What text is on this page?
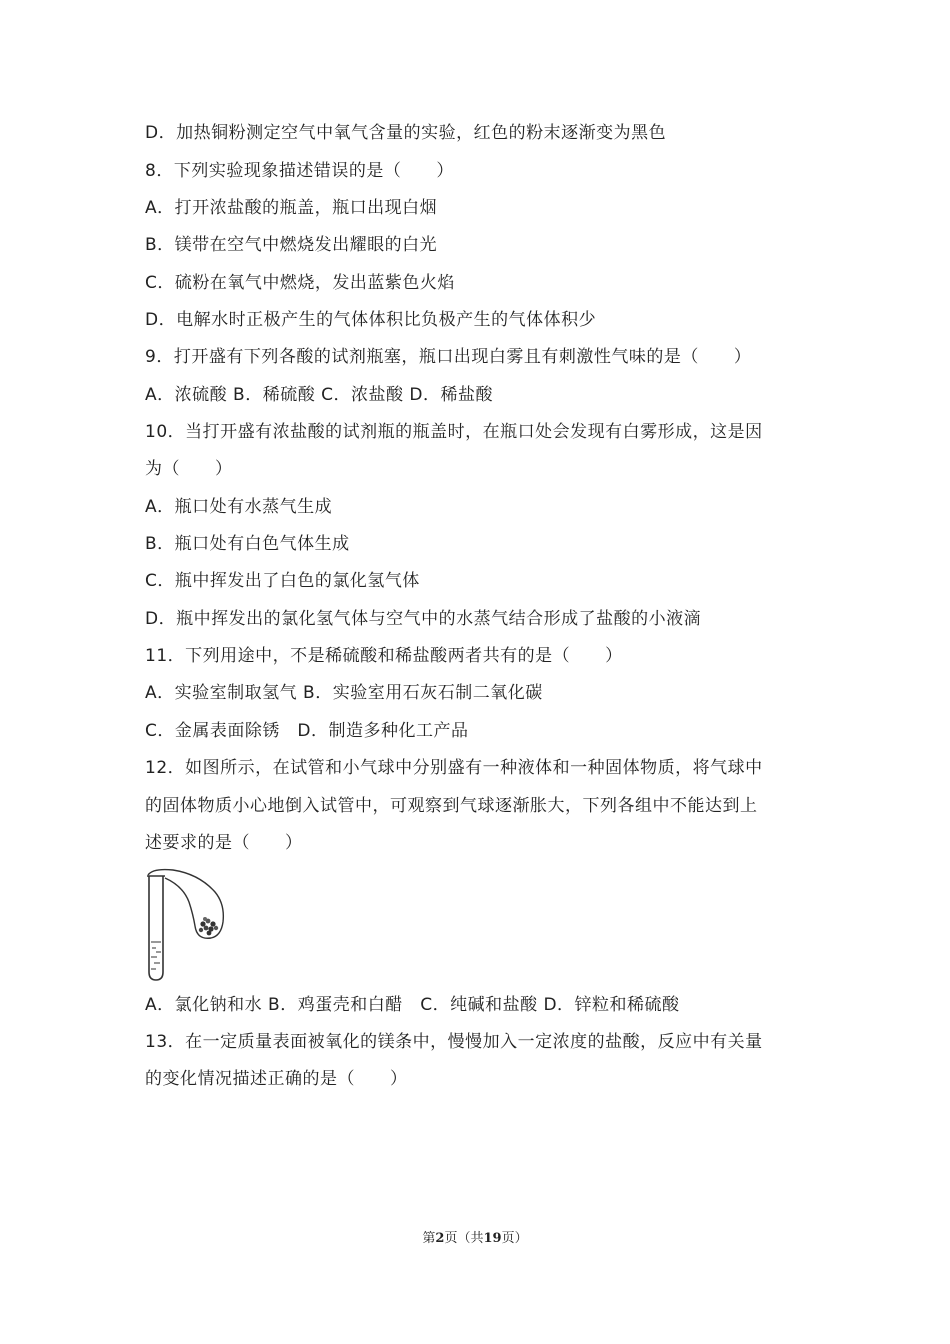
D．加热铜粉测定空气中氧气含量的实验，红色的粉末逐渐变为黑色
8．下列实验现象描述错误的是（　　）
A．打开浓盐酸的瓶盖，瓶口出现白烟
B．镁带在空气中燃烧发出耀眼的白光
C．硫粉在氧气中燃烧，发出蓝紫色火焰
D．电解水时正极产生的气体体积比负极产生的气体体积少
9．打开盛有下列各酸的试剂瓶塞，瓶口出现白雾且有刺激性气味的是（　　）
A．浓硫酸 B．稀硫酸 C．浓盐酸 D．稀盐酸
10．当打开盛有浓盐酸的试剂瓶的瓶盖时，在瓶口处会发现有白雾形成，这是因
为（　　）
A．瓶口处有水蒸气生成
B．瓶口处有白色气体生成
C．瓶中挥发出了白色的氯化氢气体
D．瓶中挥发出的氯化氢气体与空气中的水蒸气结合形成了盐酸的小液滴
11．下列用途中，不是稀硫酸和稀盐酸两者共有的是（　　）
A．实验室制取氢气 B．实验室用石灰石制二氧化碳
C．金属表面除锈　D．制造多种化工产品
12．如图所示，在试管和小气球中分别盛有一种液体和一种固体物质，将气球中
的固体物质小心地倒入试管中，可观察到气球逐渐胀大，下列各组中不能达到上
述要求的是（　　）
A．氯化钠和水 B．鸡蛋壳和白醋　C．纯碱和盐酸 D．锌粒和稀硫酸
13．在一定质量表面被氧化的镁条中，慢慢加入一定浓度的盐酸，反应中有关量
的变化情况描述正确的是（　　）
第2页（共19页）
